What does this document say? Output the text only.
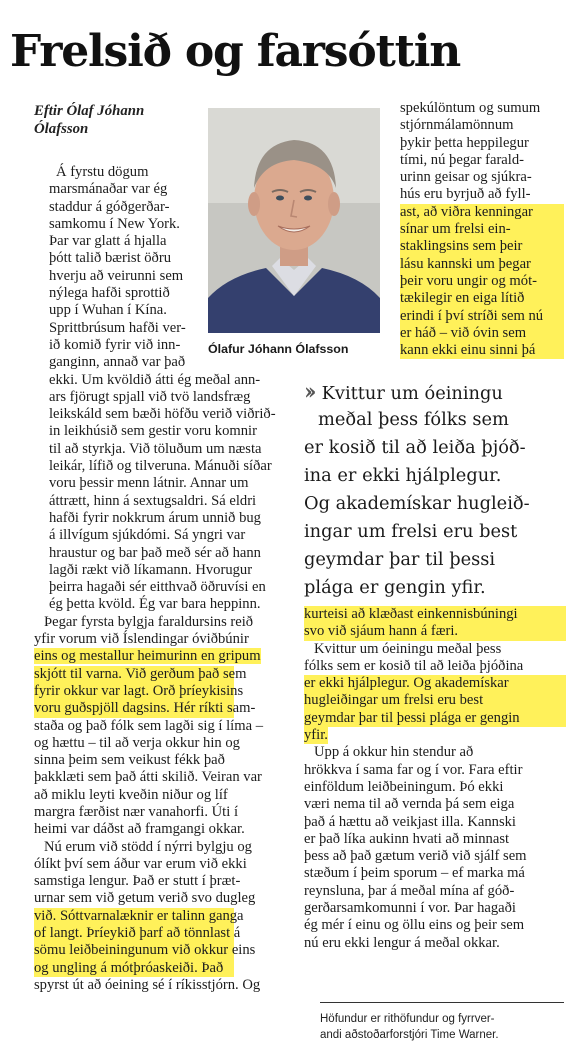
Frelsið og farsóttin
Ólafur Jóhann Ólafsson
Eftir Ólaf Jóhann
Ólafsson

Á fyrstu dögum
marsmánaðar var ég
staddur á góðgerðar-
samkomu í New York.
Þar var glatt á hjalla
þótt talið bærist öðru
hverju að veirunni sem
nýlega hafði sprottið
upp í Wuhan í Kína.
Sprittbrúsum hafði ver-
ið komið fyrir við inn-
ganginn, annað var það
ekki. Um kvöldið átti ég meðal ann-
ars fjörugt spjall við tvö landsfræg
leikskáld sem bæði höfðu verið viðrið-
in leikhúsið sem gestir voru komnir
til að styrkja. Við töluðum um næsta
leikár, lífið og tilveruna. Mánuði síðar
voru þessir menn látnir. Annar um
áttrætt, hinn á sextugsaldri. Sá eldri
hafði fyrir nokkrum árum unnið bug
á illvígum sjúkdómi. Sá yngri var
hraustur og bar það með sér að hann
lagði rækt við líkamann. Hvorugur
þeirra hagaði sér eitthvað öðruvísi en
ég þetta kvöld. Ég var bara heppinn.

Þegar fyrsta bylgja faraldursins reið
yfir vorum við Íslendingar óviðbúnir
eins og mestallur heimurinn en gripum
skjótt til varna. Við gerðum það sem
fyrir okkur var lagt. Orð þríeykisins
voru guðspjöll dagsins. Hér ríkti sam-
staða og það fólk sem lagði sig í líma –
og hættu – til að verja okkur hin og
sinna þeim sem veikust fékk það
þakklæti sem það átti skilið. Veiran var
að miklu leyti kveðin niður og líf
margra færðist nær vanahorfi. Úti í
heimi var dáðst að framgangi okkar.

Nú erum við stödd í nýrri bylgju og
ólíkt því sem áður var erum við ekki
samstiga lengur. Það er stutt í þræt-
urnar sem við getum verið svo dugleg
við. Sóttvarnalæknir er talinn ganga
of langt. Þríeykið þarf að tönnlast á
sömu leiðbeiningunum við okkur eins
og ungling á mótþróaskeiði. Það
spyrst út að óeining sé í ríkisstjórn. Og

spekúlöntum og sumum
stjórnmálamönnum
þykir þetta heppilegur
tími, nú þegar farald-
urinn geisar og sjúkra-
hús eru byrjuð að fyll-
ast, að viðra kenningar
sínar um frelsi ein-
staklingsins sem þeir
lásu kannski um þegar
þeir voru ungir og mót-
tækilegir en eiga lítið
erindi í því stríði sem nú
er háð – við óvin sem
kann ekki einu sinni þá

›› Kvittur um óeiningu
meðal þess fólks sem
er kosið til að leiða þjóð-
ina er ekki hjálplegur.
Og akademískar hugleið-
ingar um frelsi eru best
geymdar þar til þessi
plága er gengin yfir.

kurteisi að klæðast einkennisbúningi
svo við sjáum hann á færi.

Kvittur um óeiningu meðal þess
fólks sem er kosið til að leiða þjóðina
er ekki hjálplegur. Og akademískar
hugleiðingar um frelsi eru best
geymdar þar til þessi plága er gengin
yfir.

Upp á okkur hin stendur að
hrökkva í sama far og í vor. Fara eftir
einföldum leiðbeiningum. Þó ekki
væri nema til að vernda þá sem eiga
það á hættu að veikjast illa. Kannski
er það líka aukinn hvati að minnast
þess að það gætum verið við sjálf sem
stæðum í þeim sporum – ef marka má
reynsluna, þar á meðal mína af góð-
gerðarsamkomunni í vor. Þar hagaði
ég mér í einu og öllu eins og þeir sem
nú eru ekki lengur á meðal okkar.

Höfundur er rithöfundur og fyrrver-
andi aðstoðarforstjóri Time Warner.
